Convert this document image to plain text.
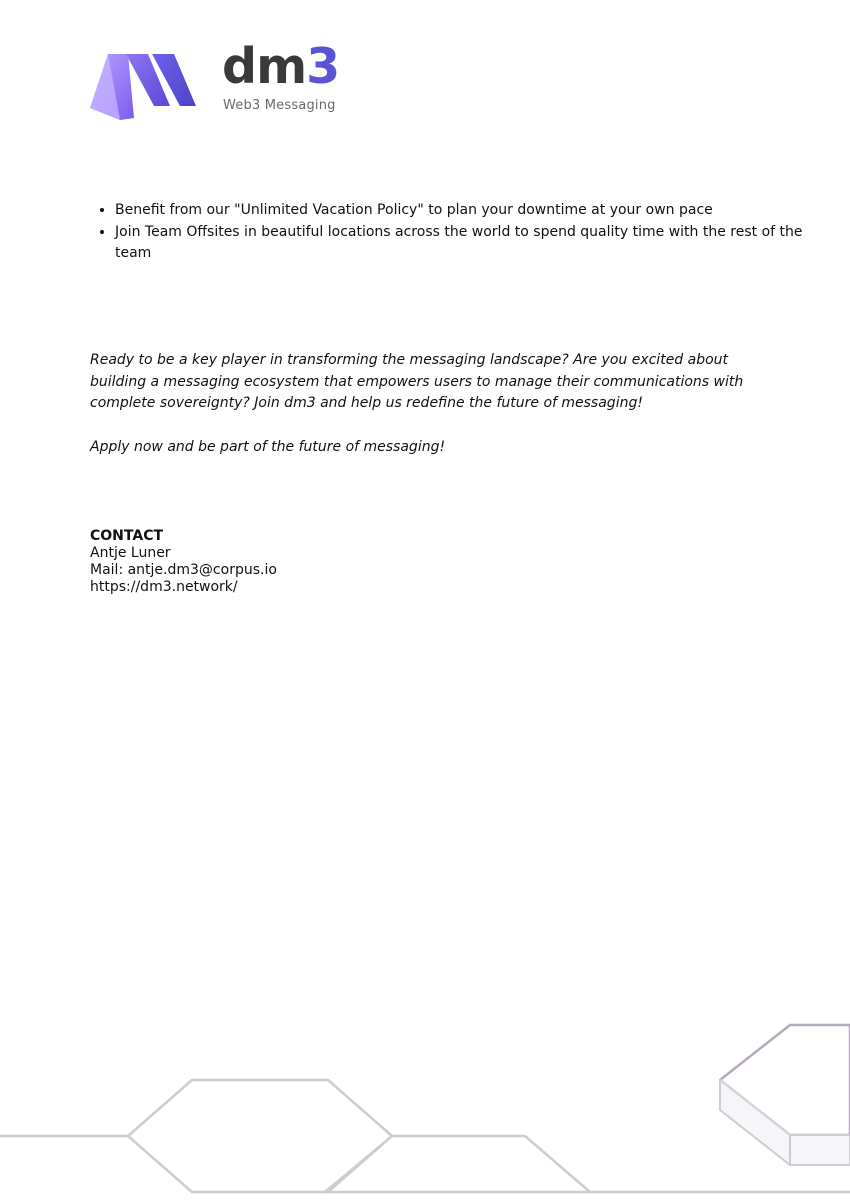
dm3
Web3 Messaging
• Benefit from our "Unlimited Vacation Policy" to plan your downtime at your own pace
• Join Team Offsites in beautiful locations across the world to spend quality time with the rest of the team

Ready to be a key player in transforming the messaging landscape? Are you excited about building a messaging ecosystem that empowers users to manage their communications with complete sovereignty? Join dm3 and help us redefine the future of messaging!

Apply now and be part of the future of messaging!

CONTACT
Antje Luner
Mail: antje.dm3@corpus.io
https://dm3.network/
